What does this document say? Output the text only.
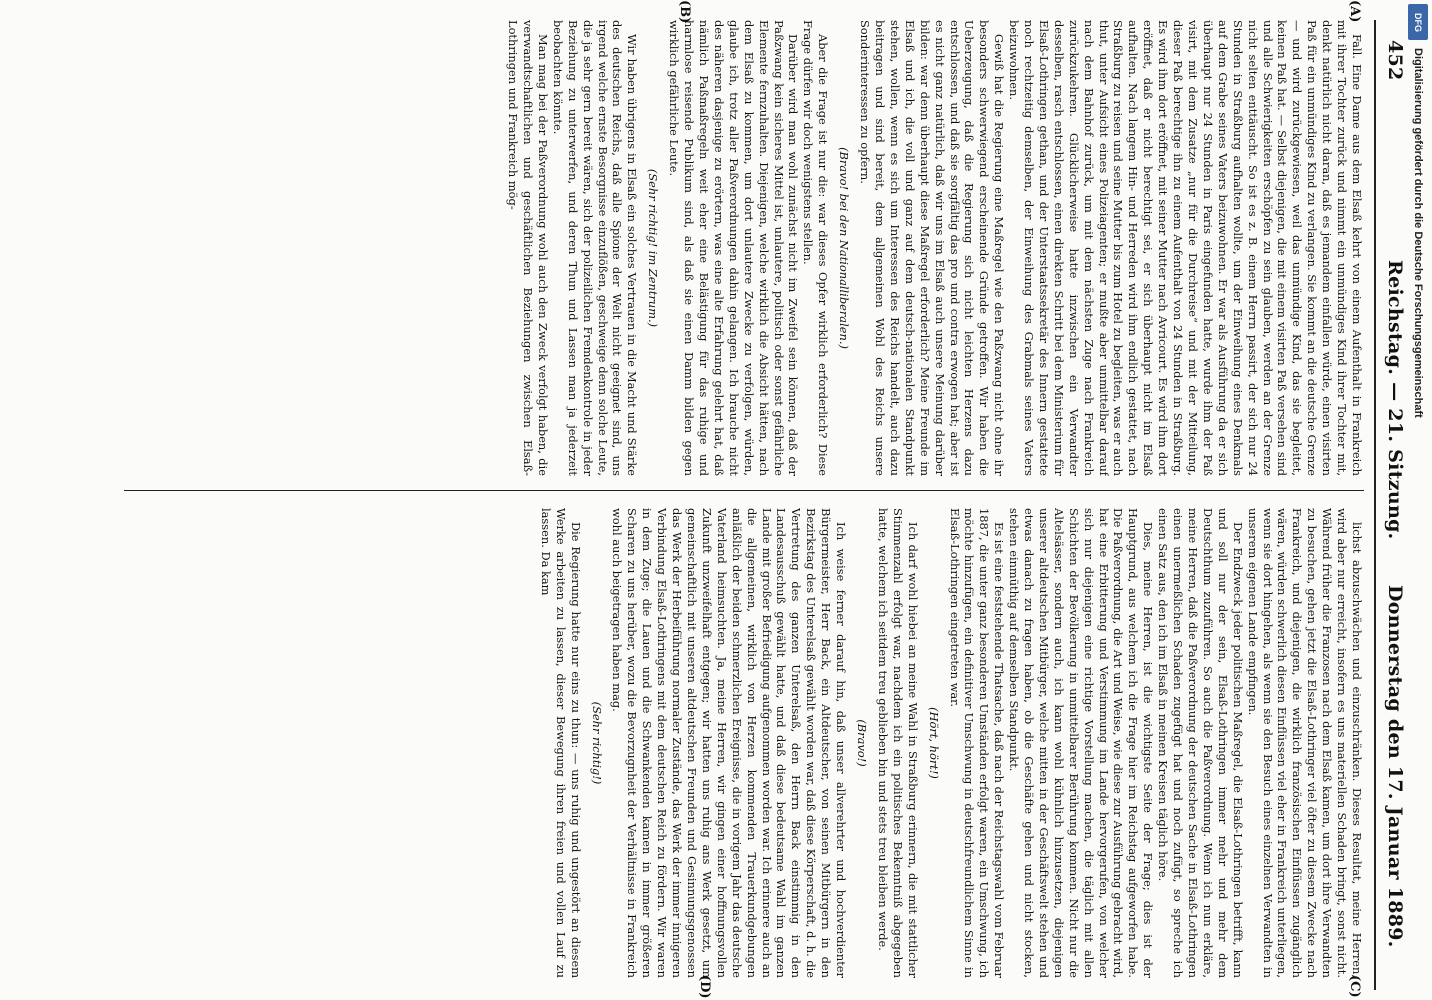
452
Reichstag. — 21. Sitzung.
Donnerstag den 17. Januar 1889.
(A)
(B)
(C)
(D)

Fall. Eine Dame aus dem Elsaß kehrt von einem Aufenthalt in Frankreich mit ihrer Tochter zurück und nimmt ein unmündiges Kind ihrer Tochter mit, denkt natürlich nicht daran, daß es jemandem einfallen würde, einen visirten Paß für ein unmündiges Kind zu verlangen. Sie kommt an die deutsche Grenze — und wird zurückgewiesen, weil das unmündige Kind, das sie begleitet, keinen Paß hat. — Selbst diejenigen, die mit einem visirten Paß versehen sind und alle Schwierigkeiten erschöpfen zu sein glauben, werden an der Grenze nicht selten enttäuscht. So ist es z. B. einem Herrn passirt, der sich nur 24 Stunden in Straßburg aufhalten wollte, um der Einweihung eines Denkmals auf dem Grabe seines Vaters beizuwohnen. Er war als Ausführung da er sich überhaupt nur 24 Stunden in Paris eingefunden hatte, wurde ihm der Paß visirt, mit dem Zusatze „nur für die Durchreise“ und mit der Mitteilung, dieser Paß berechtige ihn zu einem Aufenthalt von 24 Stunden in Straßburg. Es wird ihm dort eröffnet, mit seiner Mutter nach Avricourt. Es wird ihm dort eröffnet, daß er nicht berechtigt sei, er sich überhaupt nicht im Elsaß aufhalten. Nach langem Hin- und Herreden wird ihm endlich gestattet, nach Straßburg zu reisen und seine Mutter bis zum Hotel zu begleiten, was er auch thut, unter Aufsicht eines Polizeiagenten; er mußte aber unmittelbar darauf nach dem Bahnhof zurück, um mit dem nächsten Zuge nach Frankreich zurückzukehren. Glücklicherweise hatte inzwischen ein Verwandter desselben, rasch entschlossen, einen direkten Schritt bei dem Ministerium für Elsaß-Lothringen gethan, und der Unterstaatssekretär des Innern gestattete noch rechtzeitig demselben, der Einweihung des Grabmals seines Vaters beizuwohnen.

Gewiß hat die Regierung eine Maßregel wie den Paßzwang nicht ohne ihr besonders schwerwiegend erscheinende Gründe getroffen. Wir haben die Ueberzeugung, daß die Regierung sich nicht leichten Herzens dazu entschlossen, und daß sie sorgfältig das pro und contra erwogen hat; aber ist es nicht ganz natürlich, daß wir uns im Elsaß auch unsere Meinung darüber bilden: war denn überhaupt diese Maßregel erforderlich? Meine Freunde im Elsaß und ich, die voll und ganz auf dem deutsch-nationalen Standpunkt stehen, wollen, wenn es sich um Interessen des Reichs handelt, auch dazu beitragen und sind bereit, dem allgemeinen Wohl des Reichs unsere Sonderinteressen zu opfern.

(Bravo! bei den Nationalliberalen.)

Aber die Frage ist nur die: war dieses Opfer wirklich erforderlich? Diese Frage dürfen wir doch wenigstens stellen.

Darüber wird man wohl zunächst nicht im Zweifel sein können, daß der Paßzwang kein sicheres Mittel ist, unlautere, politisch oder sonst gefährliche Elemente fernzuhalten. Diejenigen, welche wirklich die Absicht hätten, nach dem Elsaß zu kommen, um dort unlautere Zwecke zu verfolgen, würden, glaube ich, trotz aller Paßverordnungen dahin gelangen. Ich brauche nicht des näheren dasjenige zu erörtern, was eine alte Erfahrung gelehrt hat, daß nämlich Paßmaßregeln weit eher eine Belästigung für das ruhige und harmlose reisende Publikum sind, als daß sie einen Damm bilden gegen wirklich gefährliche Leute.

(Sehr richtig! im Zentrum.)

Wir haben übrigens in Elsaß ein solches Vertrauen in die Macht und Stärke des deutschen Reichs, daß alle Spione der Welt nicht geeignet sind, uns irgend welche ernste Besorgnisse einzuflößen, geschweige denn solche Leute, die ja sehr gern bereit wären, sich der polizeilichen Fremdenkontrole in jeder Beziehung zu unterwerfen, und deren Thun und Lassen man ja jederzeit beobachten könnte.

Man mag bei der Paßverordnung wohl auch den Zweck verfolgt haben, die verwandtschaftlichen und geschäftlichen Beziehungen zwischen Elsaß-Lothringen und Frankreich mög-

lichst abzuschwächen und einzuschränken. Dieses Resultat, meine Herren, wird aber nur erreicht, insofern es uns materiellen Schaden bringt, sonst nicht. Während früher die Franzosen nach dem Elsaß kamen, um dort ihre Verwandten zu besuchen, gehen jetzt die Elsaß-Lothringer viel öfter zu diesem Zwecke nach Frankreich, und diejenigen, die wirklich französischen Einflüssen zugänglich wären, würden schwerlich diesen Einflüssen viel eher in Frankreich unterliegen, wenn sie dort hingehen, als wenn sie den Besuch eines einzelnen Verwandten in unserem eigenen Lande empfingen.

Der Endzweck jeder politischen Maßregel, die Elsaß-Lothringen betrifft, kann und soll nur der sein, Elsaß-Lothringen immer mehr und mehr dem Deutschthum zuzuführen. So auch die Paßverordnung. Wenn ich nun erkläre, meine Herren, daß die Paßverordnung der deutschen Sache in Elsaß-Lothringen einen unermeßlichen Schaden zugefügt hat und noch zufügt, so spreche ich einen Satz aus, den ich im Elsaß in meinen Kreisen täglich höre.

Dies, meine Herren, ist die wichtigste Seite der Frage; dies ist der Hauptgrund, aus welchem ich die Frage hier im Reichstag aufgeworfen habe. Die Paßverordnung, die Art und Weise, wie diese zur Ausführung gebracht wird, hat eine Erbitterung und Verstimmung im Lande hervorgerufen, von welcher sich nur diejenigen eine richtige Vorstellung machen, die täglich mit allen Schichten der Bevölkerung in unmittelbarer Berührung kommen. Nicht nur die Altelsässer, sondern auch, ich kann wohl kühnlich hinzusetzen, diejenigen unserer altdeutschen Mitbürger, welche mitten in der Geschäftswelt stehen und etwas danach zu fragen haben, ob die Geschäfte gehen und nicht stocken, stehen einmüthig auf demselben Standpunkt.

Es ist eine feststehende Thatsache, daß nach der Reichstagswahl vom Februar 1887, die unter ganz besonderen Umständen erfolgt waren, ein Umschwung, ich möchte hinzufügen, ein definitiver Umschwung in deutschfreundlichem Sinne in Elsaß-Lothringen eingetreten war.

(Hört, hört!)

Ich darf wohl hiebei an meine Wahl in Straßburg erinnern, die mit stattlicher Stimmenzahl erfolgt war, nachdem ich ein politisches Bekenntniß abgegeben hatte, welchem ich seitdem treu geblieben bin und stets treu bleiben werde.

(Bravo!)

Ich weise ferner darauf hin, daß unser allverehrter und hochverdienter Bürgermeister, Herr Back, ein Altdeutscher, von seinen Mitbürgern in den Bezirkstag des Unterelsaß gewählt worden war, daß diese Körperschaft, d. h. die Vertretung des ganzen Unterelsaß, den Herrn Back einstimmig in den Landesausschuß gewählt hatte, und daß diese bedeutsame Wahl im ganzen Lande mit großer Befriedigung aufgenommen worden war. Ich erinnere auch an die allgemeinen, wirklich von Herzen kommenden Trauerkundgebungen anläßlich der beiden schmerzlichen Ereignisse, die in vorigem Jahr das deutsche Vaterland heimsuchten. Ja, meine Herren, wir gingen einer hoffnungsvollen Zukunft unzweifelhaft entgegen; wir hatten uns ruhig ans Werk gesetzt, um gemeinschaftlich mit unseren altdeutschen Freunden und Gesinnungsgenossen das Werk der Herbeiführung normaler Zustände, das Werk der immer innigeren Verbindung Elsaß-Lothringens mit dem deutschen Reich zu fördern. Wir waren in dem Zuge; die Lauen und die Schwankenden kamen in immer größeren Scharen zu uns herüber, wozu die Bevorzugnheit der Verhältnisse in Frankreich wohl auch beigetragen haben mag.

(Sehr richtig!)

Die Regierung hatte nur eins zu thun: — uns ruhig und ungestört an diesem Werke arbeiten zu lassen, dieser Bewegung ihren freien und vollen Lauf zu lassen. Da kam

DFG
Digitalisierung gefördert durch die Deutsche Forschungsgemeinschaft
